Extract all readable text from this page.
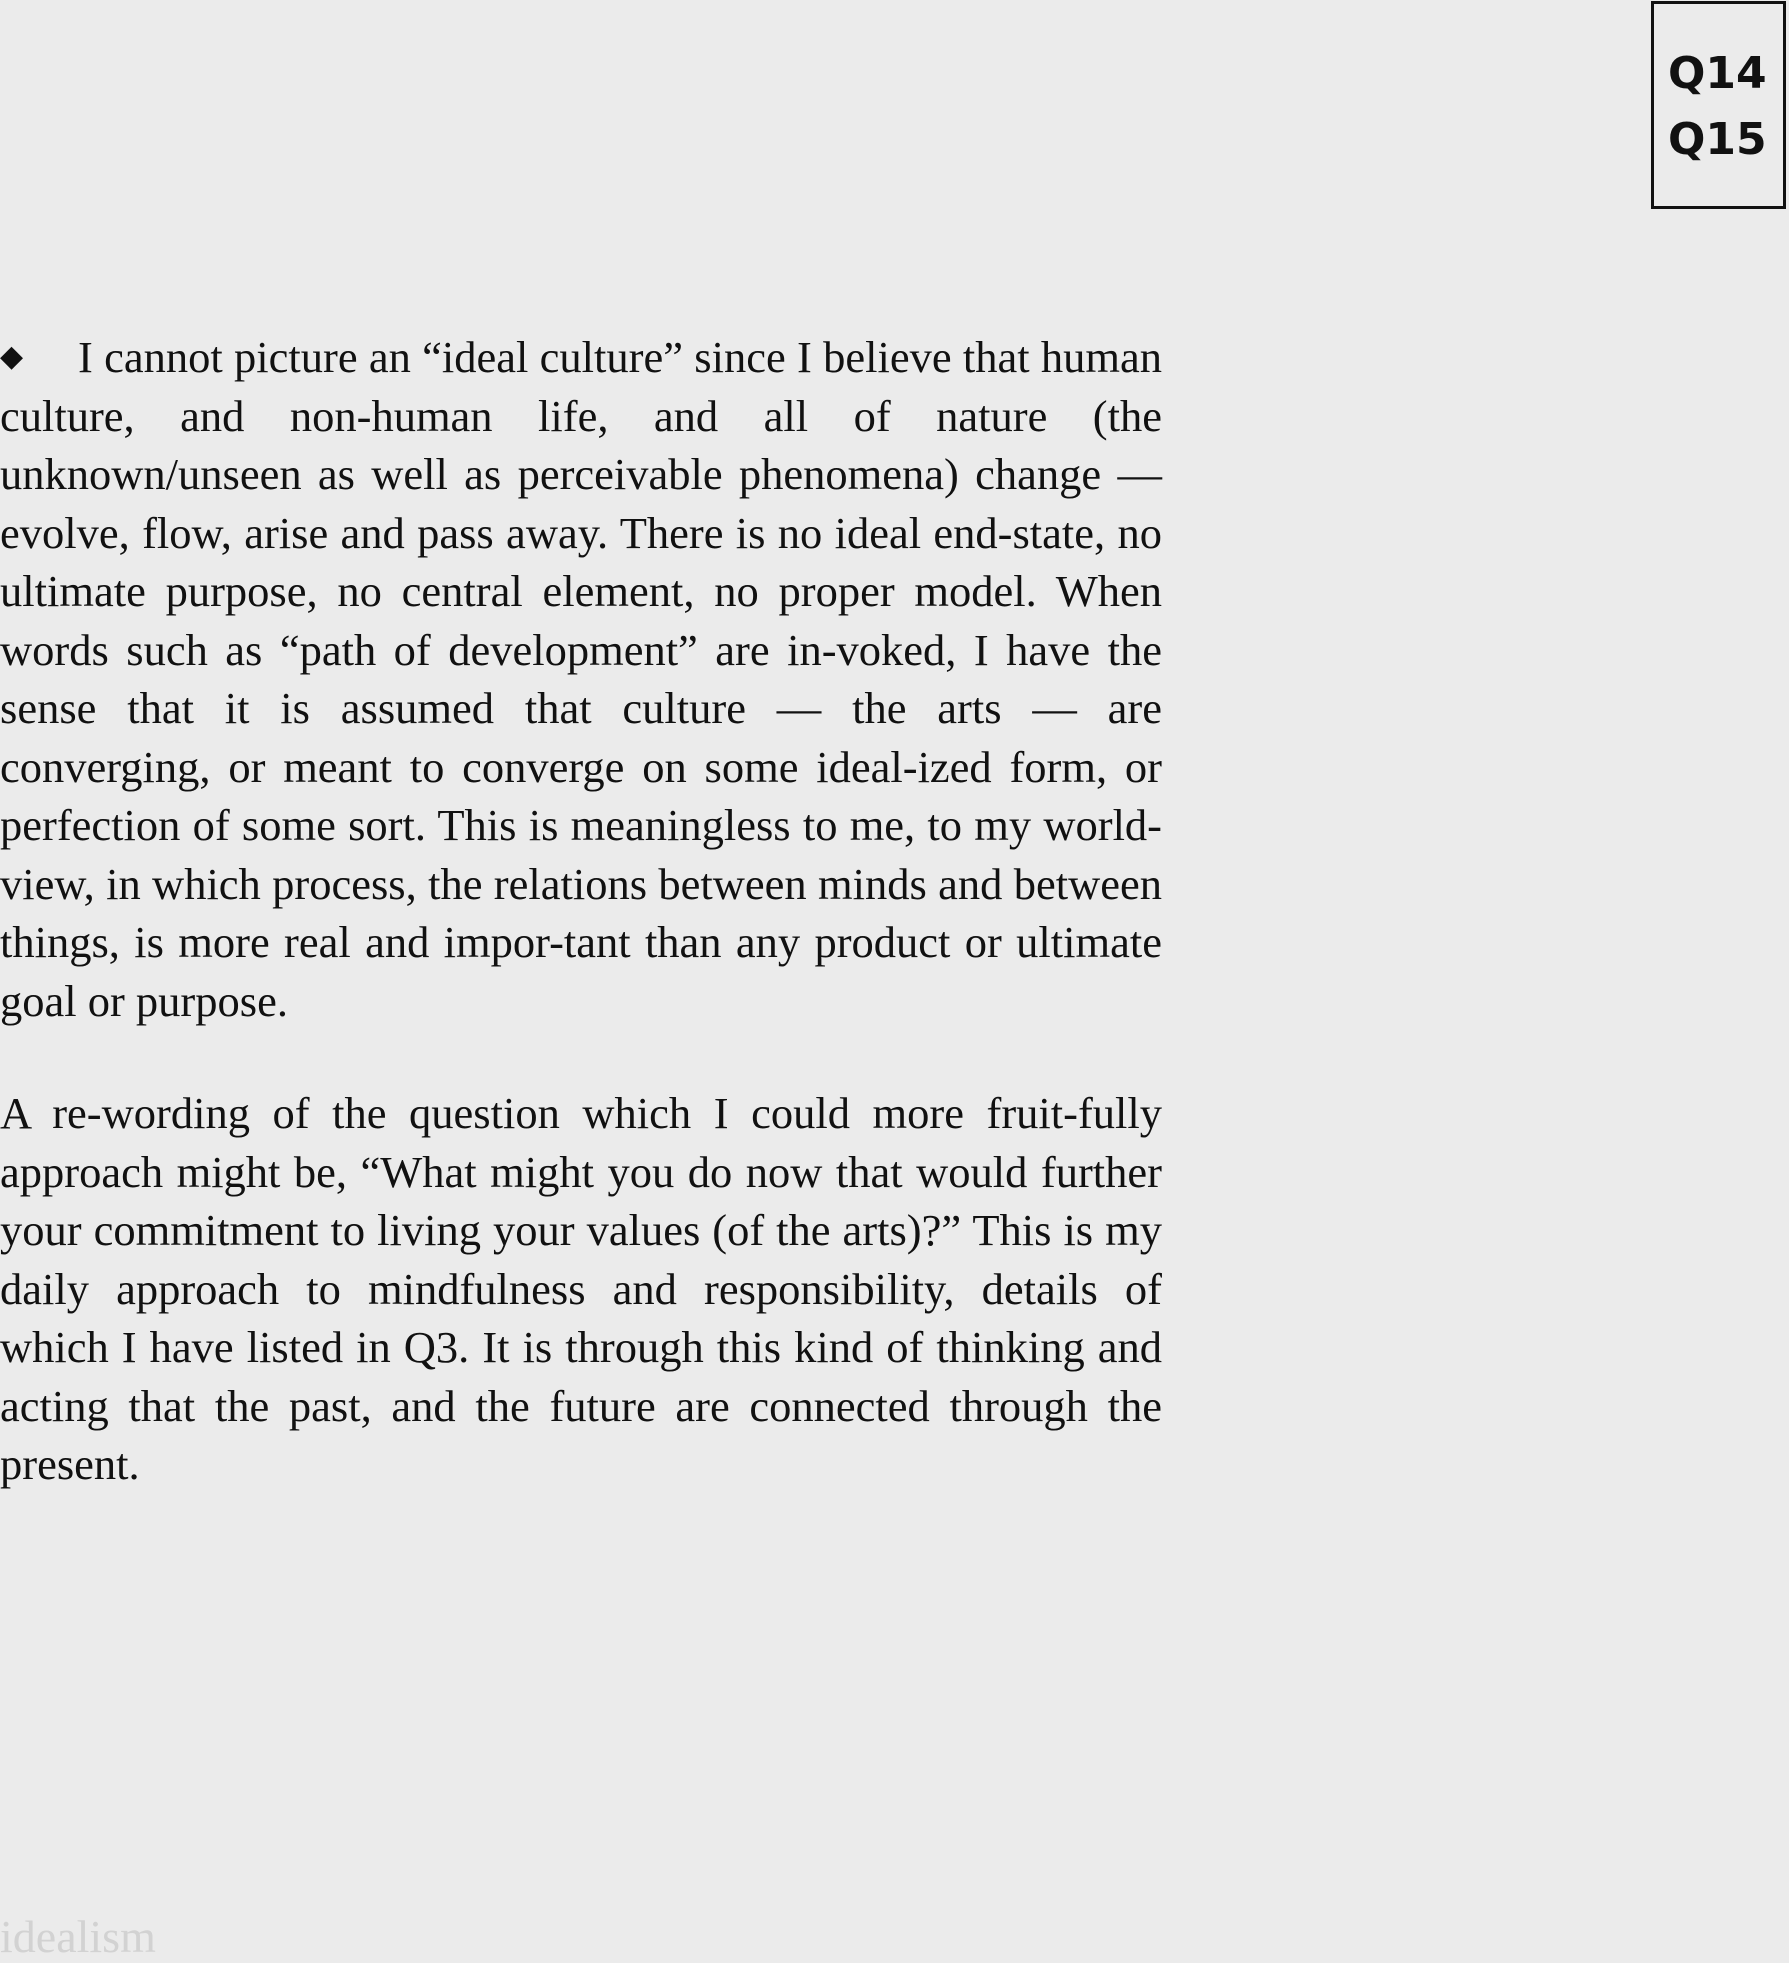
Q14
Q15

◆ I cannot picture an “ideal culture” since I believe that human culture, and non-human life, and all of nature (the unknown/unseen as well as perceivable phenomena) change — evolve, flow, arise and pass away. There is no ideal end-state, no ultimate purpose, no central element, no proper model. When words such as “path of development” are in-voked, I have the sense that it is assumed that culture — the arts — are converging, or meant to converge on some ideal-ized form, or perfection of some sort. This is meaningless to me, to my world-view, in which process, the relations between minds and between things, is more real and impor-tant than any product or ultimate goal or purpose.

A re-wording of the question which I could more fruit-fully approach might be, “What might you do now that would further your commitment to living your values (of the arts)?” This is my daily approach to mindfulness and responsibility, details of which I have listed in Q3. It is through this kind of thinking and acting that the past, and the future are connected through the present.

idealism
